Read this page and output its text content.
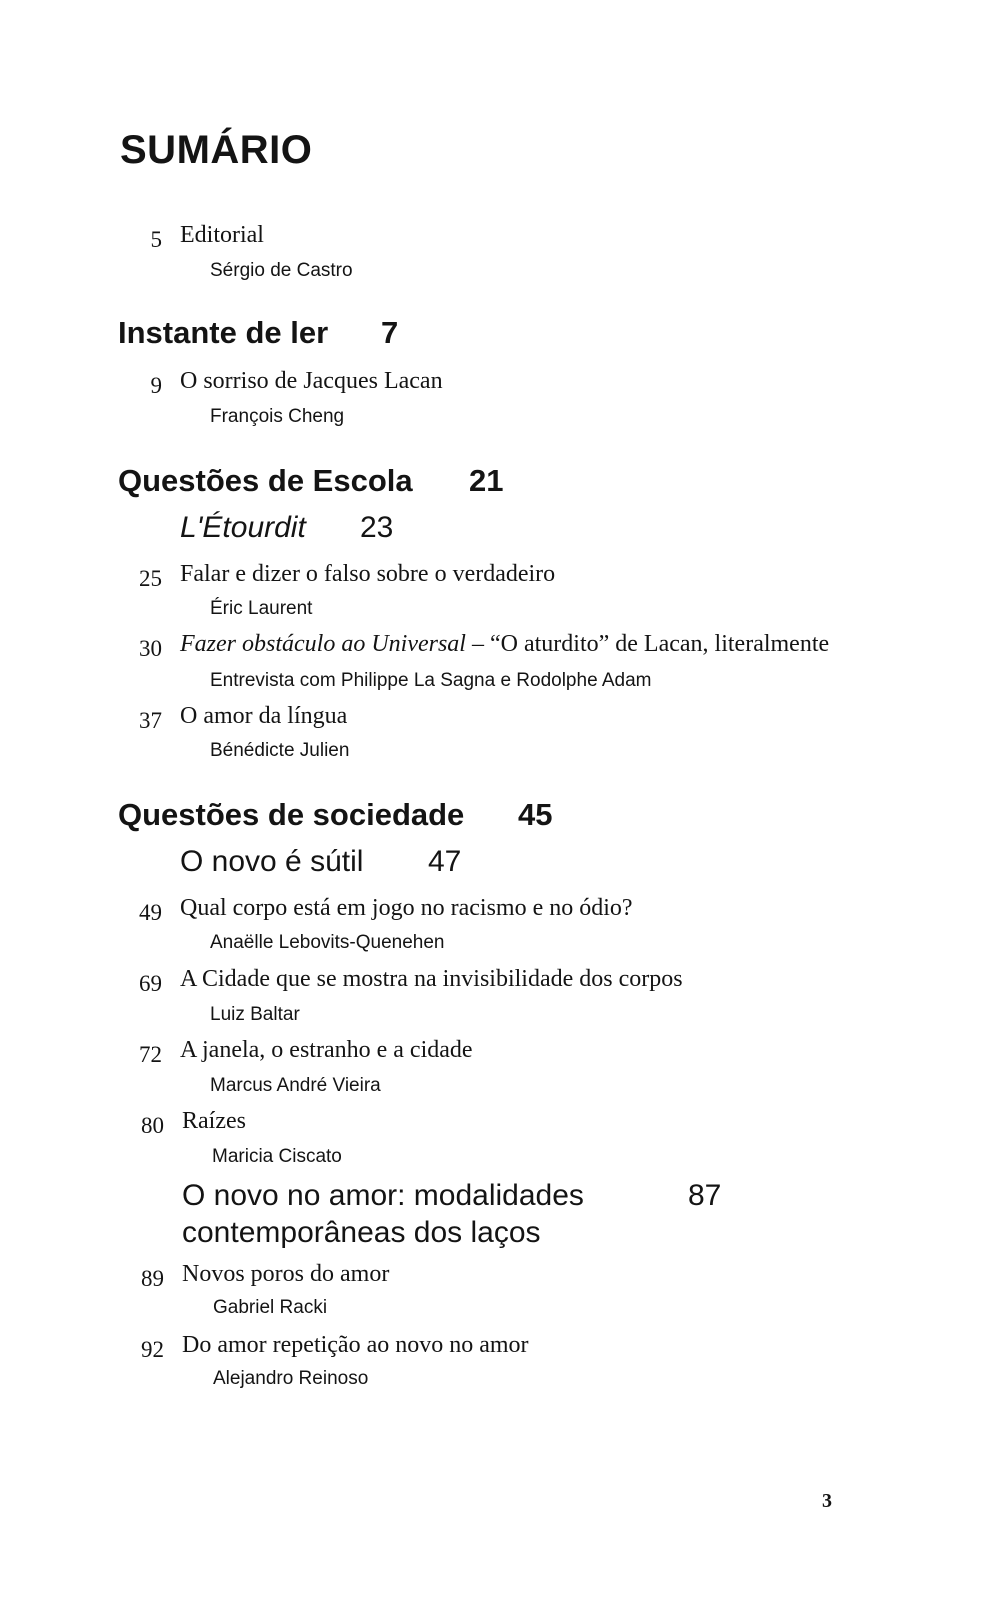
SUMÁRIO
5 Editorial
Sérgio de Castro
Instante de ler 7
9 O sorriso de Jacques Lacan
François Cheng
Questões de Escola 21
L'Étourdit 23
25 Falar e dizer o falso sobre o verdadeiro
Éric Laurent
30 Fazer obstáculo ao Universal – “O aturdito” de Lacan, literalmente
Entrevista com Philippe La Sagna e Rodolphe Adam
37 O amor da língua
Bénédicte Julien
Questões de sociedade 45
O novo é sútil 47
49 Qual corpo está em jogo no racismo e no ódio?
Anaëlle Lebovits-Quenehen
69 A Cidade que se mostra na invisibilidade dos corpos
Luiz Baltar
72 A janela, o estranho e a cidade
Marcus André Vieira
80 Raízes
Maricia Ciscato
O novo no amor: modalidades
contemporâneas dos laços
87
89 Novos poros do amor
Gabriel Racki
92 Do amor repetição ao novo no amor
Alejandro Reinoso
3
